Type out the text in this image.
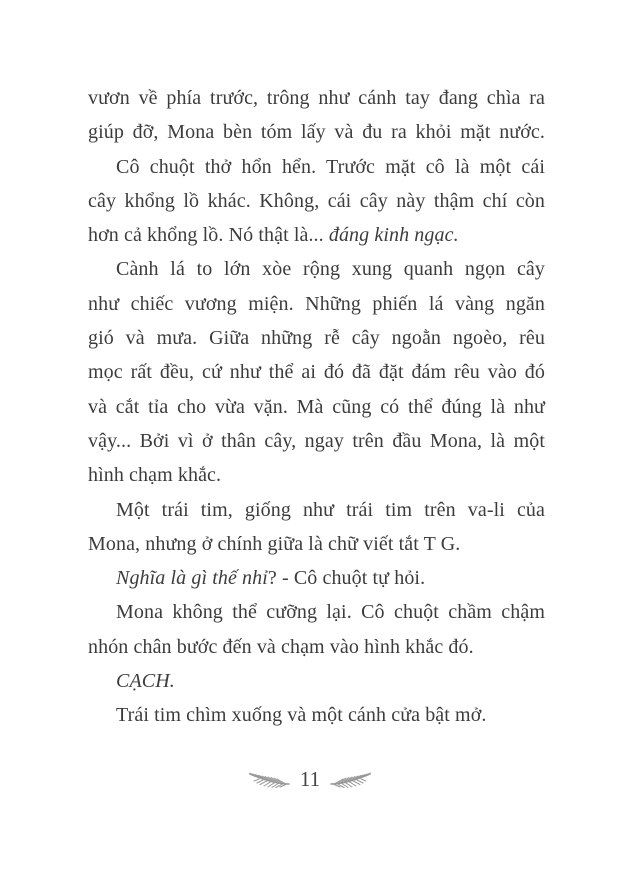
vươn về phía trước, trông như cánh tay đang chìa ra
giúp đỡ, Mona bèn tóm lấy và đu ra khỏi mặt nước.
Cô chuột thở hổn hển. Trước mặt cô là một cái
cây khổng lồ khác. Không, cái cây này thậm chí còn
hơn cả khổng lồ. Nó thật là... đáng kinh ngạc.
Cành lá to lớn xòe rộng xung quanh ngọn cây
như chiếc vương miện. Những phiến lá vàng ngăn
gió và mưa. Giữa những rễ cây ngoằn ngoèo, rêu
mọc rất đều, cứ như thể ai đó đã đặt đám rêu vào đó
và cắt tỉa cho vừa vặn. Mà cũng có thể đúng là như
vậy... Bởi vì ở thân cây, ngay trên đầu Mona, là một
hình chạm khắc.
Một trái tim, giống như trái tim trên va-li của
Mona, nhưng ở chính giữa là chữ viết tắt T G.
Nghĩa là gì thế nhỉ? - Cô chuột tự hỏi.
Mona không thể cưỡng lại. Cô chuột chầm chậm
nhón chân bước đến và chạm vào hình khắc đó.
CẠCH.
Trái tim chìm xuống và một cánh cửa bật mở.
11
